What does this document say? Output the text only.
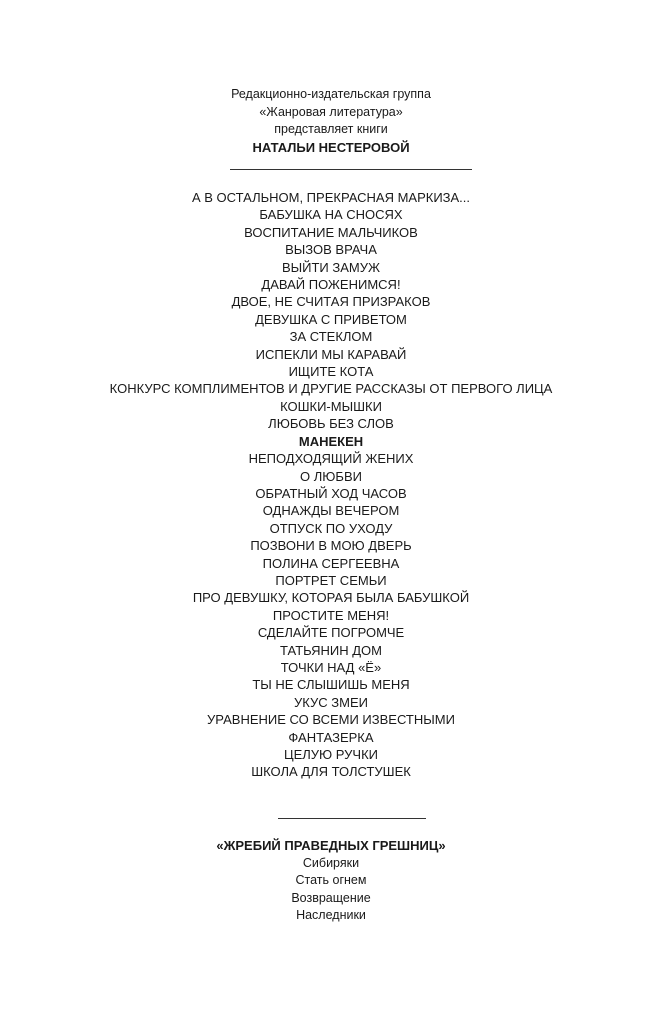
Редакционно-издательская группа
«Жанровая литература»
представляет книги
НАТАЛЬИ НЕСТЕРОВОЙ
А В ОСТАЛЬНОМ, ПРЕКРАСНАЯ МАРКИЗА...
БАБУШКА НА СНОСЯХ
ВОСПИТАНИЕ МАЛЬЧИКОВ
ВЫЗОВ ВРАЧА
ВЫЙТИ ЗАМУЖ
ДАВАЙ ПОЖЕНИМСЯ!
ДВОЕ, НЕ СЧИТАЯ ПРИЗРАКОВ
ДЕВУШКА С ПРИВЕТОМ
ЗА СТЕКЛОМ
ИСПЕКЛИ МЫ КАРАВАЙ
ИЩИТЕ КОТА
КОНКУРС КОМПЛИМЕНТОВ И ДРУГИЕ РАССКАЗЫ ОТ ПЕРВОГО ЛИЦА
КОШКИ-МЫШКИ
ЛЮБОВЬ БЕЗ СЛОВ
МАНЕКЕН
НЕПОДХОДЯЩИЙ ЖЕНИХ
О ЛЮБВИ
ОБРАТНЫЙ ХОД ЧАСОВ
ОДНАЖДЫ ВЕЧЕРОМ
ОТПУСК ПО УХОДУ
ПОЗВОНИ В МОЮ ДВЕРЬ
ПОЛИНА СЕРГЕЕВНА
ПОРТРЕТ СЕМЬИ
ПРО ДЕВУШКУ, КОТОРАЯ БЫЛА БАБУШКОЙ
ПРОСТИТЕ МЕНЯ!
СДЕЛАЙТЕ ПОГРОМЧЕ
ТАТЬЯНИН ДОМ
ТОЧКИ НАД «Ё»
ТЫ НЕ СЛЫШИШЬ МЕНЯ
УКУС ЗМЕИ
УРАВНЕНИЕ СО ВСЕМИ ИЗВЕСТНЫМИ
ФАНТАЗЕРКА
ЦЕЛУЮ РУЧКИ
ШКОЛА ДЛЯ ТОЛСТУШЕК
«ЖРЕБИЙ ПРАВЕДНЫХ ГРЕШНИЦ»
Сибиряки
Стать огнем
Возвращение
Наследники
